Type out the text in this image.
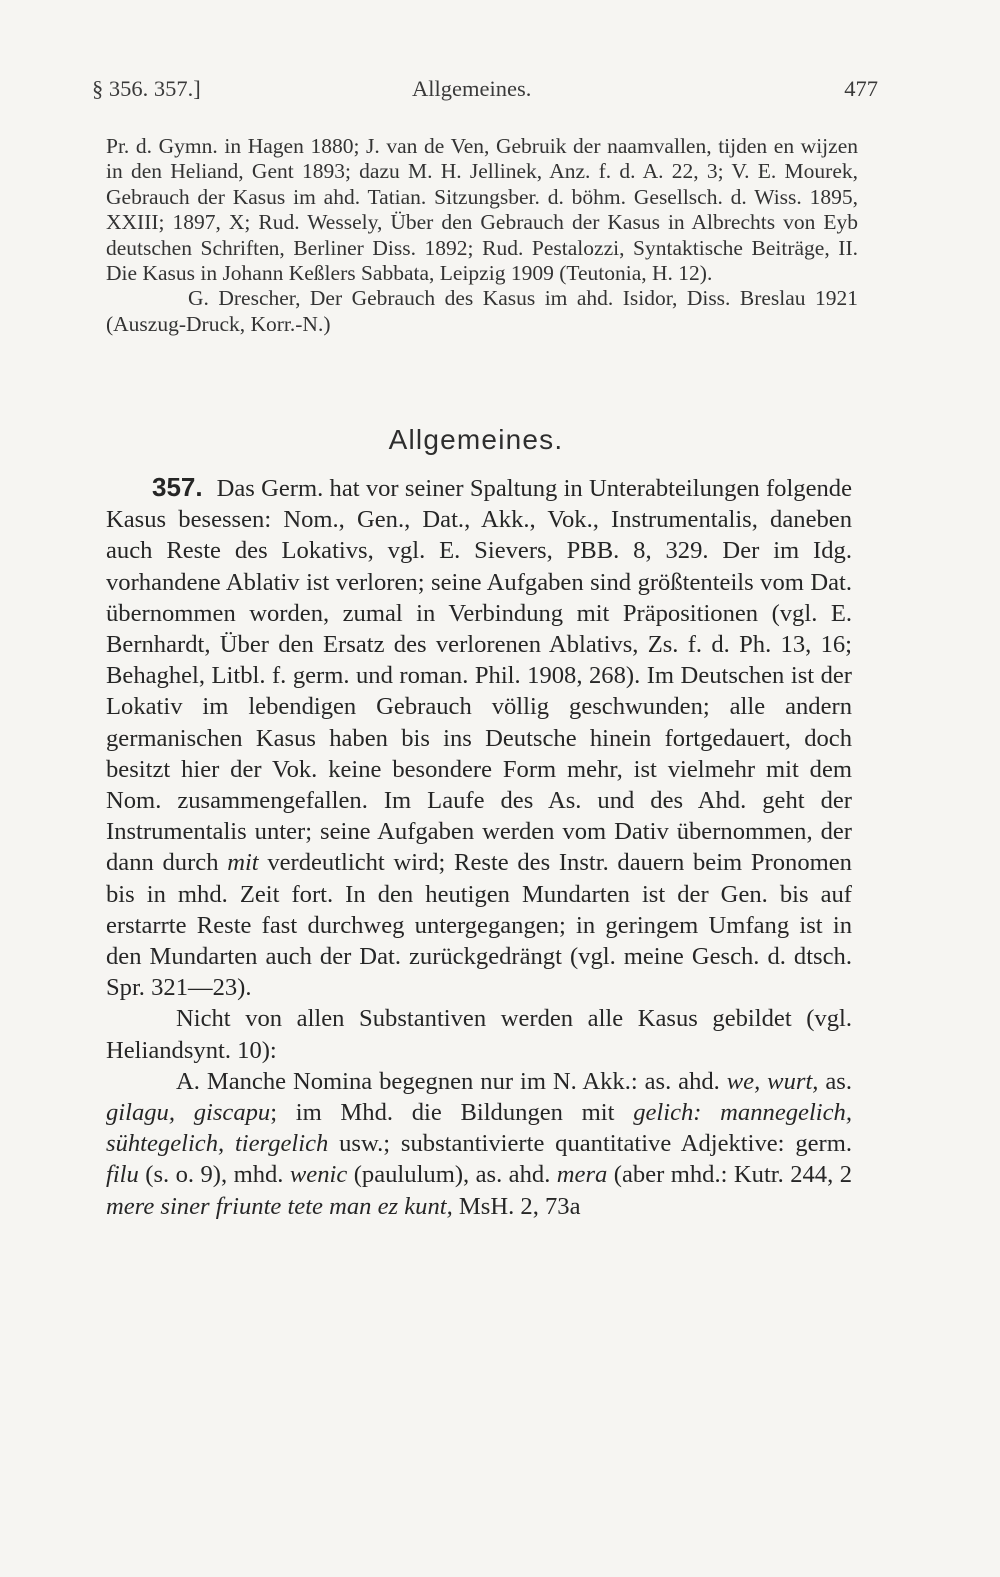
§ 356. 357.]	Allgemeines.	477

Pr. d. Gymn. in Hagen 1880; J. van de Ven, Gebruik der naamvallen, tijden en wijzen in den Heliand, Gent 1893; dazu M. H. Jellinek, Anz. f. d. A. 22, 3; V. E. Mourek, Gebrauch der Kasus im ahd. Tatian. Sitzungsber. d. böhm. Gesellsch. d. Wiss. 1895, XXIII; 1897, X; Rud. Wessely, Über den Gebrauch der Kasus in Albrechts von Eyb deutschen Schriften, Berliner Diss. 1892; Rud. Pestalozzi, Syntaktische Beiträge, II. Die Kasus in Johann Keßlers Sabbata, Leipzig 1909 (Teutonia, H. 12).

G. Drescher, Der Gebrauch des Kasus im ahd. Isidor, Diss. Breslau 1921 (Auszug-Druck, Korr.-N.)

Allgemeines.

357. Das Germ. hat vor seiner Spaltung in Unterabteilungen folgende Kasus besessen: Nom., Gen., Dat., Akk., Vok., Instrumentalis, daneben auch Reste des Lokativs, vgl. E. Sievers, PBB. 8, 329. Der im Idg. vorhandene Ablativ ist verloren; seine Aufgaben sind größtenteils vom Dat. übernommen worden, zumal in Verbindung mit Präpositionen (vgl. E. Bernhardt, Über den Ersatz des verlorenen Ablativs, Zs. f. d. Ph. 13, 16; Behaghel, Litbl. f. germ. und roman. Phil. 1908, 268). Im Deutschen ist der Lokativ im lebendigen Gebrauch völlig geschwunden; alle andern germanischen Kasus haben bis ins Deutsche hinein fortgedauert, doch besitzt hier der Vok. keine besondere Form mehr, ist vielmehr mit dem Nom. zusammengefallen. Im Laufe des As. und des Ahd. geht der Instrumentalis unter; seine Aufgaben werden vom Dativ übernommen, der dann durch mit verdeutlicht wird; Reste des Instr. dauern beim Pronomen bis in mhd. Zeit fort. In den heutigen Mundarten ist der Gen. bis auf erstarrte Reste fast durchweg untergegangen; in geringem Umfang ist in den Mundarten auch der Dat. zurückgedrängt (vgl. meine Gesch. d. dtsch. Spr. 321—23).

Nicht von allen Substantiven werden alle Kasus gebildet (vgl. Heliandsynt. 10):

A. Manche Nomina begegnen nur im N. Akk.: as. ahd. we, wurt, as. gilagu, giscapu; im Mhd. die Bildungen mit gelich: mannegelich, sühtegelich, tiergelich usw.; substantivierte quantitative Adjektive: germ. filu (s. o. 9), mhd. wenic (paululum), as. ahd. mera (aber mhd.: Kutr. 244, 2 mere siner friunte tete man ez kunt, MsH. 2, 73a
